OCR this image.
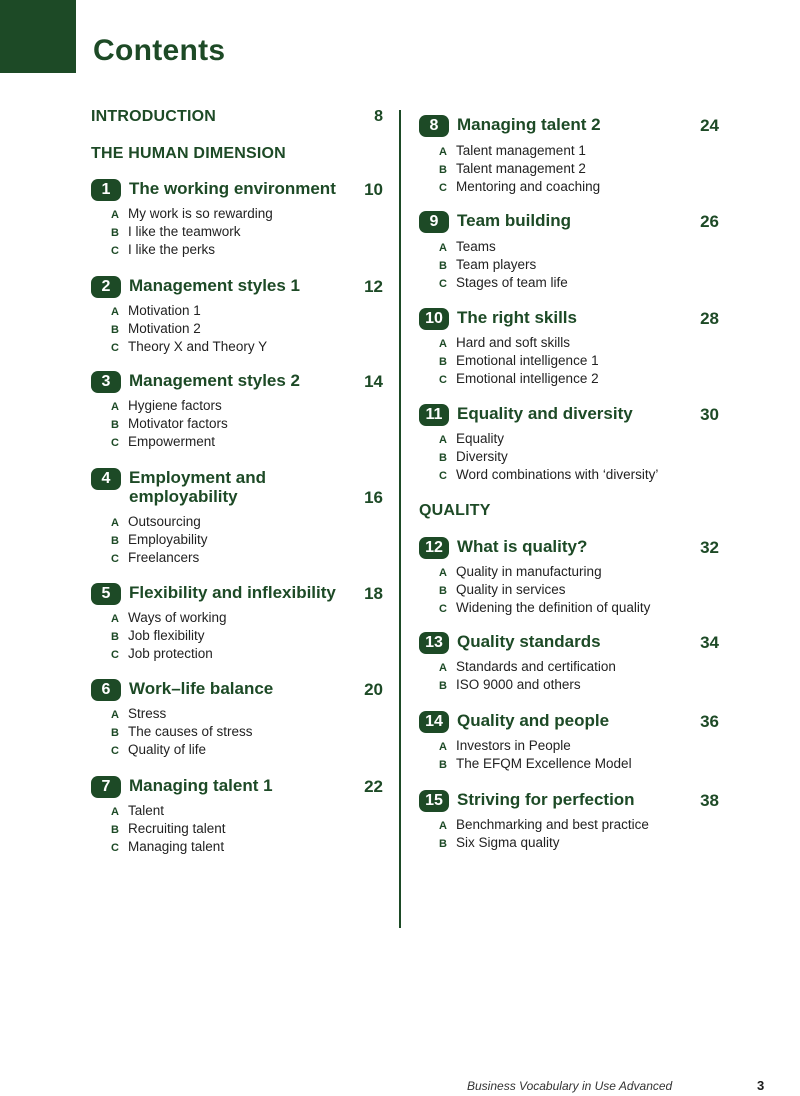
Contents
INTRODUCTION	8
THE HUMAN DIMENSION
1	The working environment 10
A My work is so rewarding
B I like the teamwork
C I like the perks
2	Management styles 1	12
A Motivation 1
B Motivation 2
C Theory X and Theory Y
3	Management styles 2	14
A Hygiene factors
B Motivator factors
C Empowerment
4	Employment and
employability	16
A Outsourcing
B Employability
C Freelancers
5	Flexibility and inflexibility 18
A Ways of working
B Job flexibility
C Job protection
6	Work–life balance	20
A Stress
B The causes of stress
C Quality of life
7	Managing talent 1	22
A Talent
B Recruiting talent
C Managing talent
8	Managing talent 2	24
A Talent management 1
B Talent management 2
C Mentoring and coaching
9	Team building	26
A Teams
B Team players
C Stages of team life
10 The right skills	28
A Hard and soft skills
B Emotional intelligence 1
C Emotional intelligence 2
11 Equality and diversity	30
A Equality
B Diversity
C Word combinations with ‘diversity’
QUALITY
12 What is quality?	32
A Quality in manufacturing
B Quality in services
C Widening the definition of quality
13 Quality standards	34
A Standards and certification
B ISO 9000 and others
14 Quality and people	36
A Investors in People
B The EFQM Excellence Model
15 Striving for perfection	38
A Benchmarking and best practice
B Six Sigma quality
Business Vocabulary in Use Advanced	3
